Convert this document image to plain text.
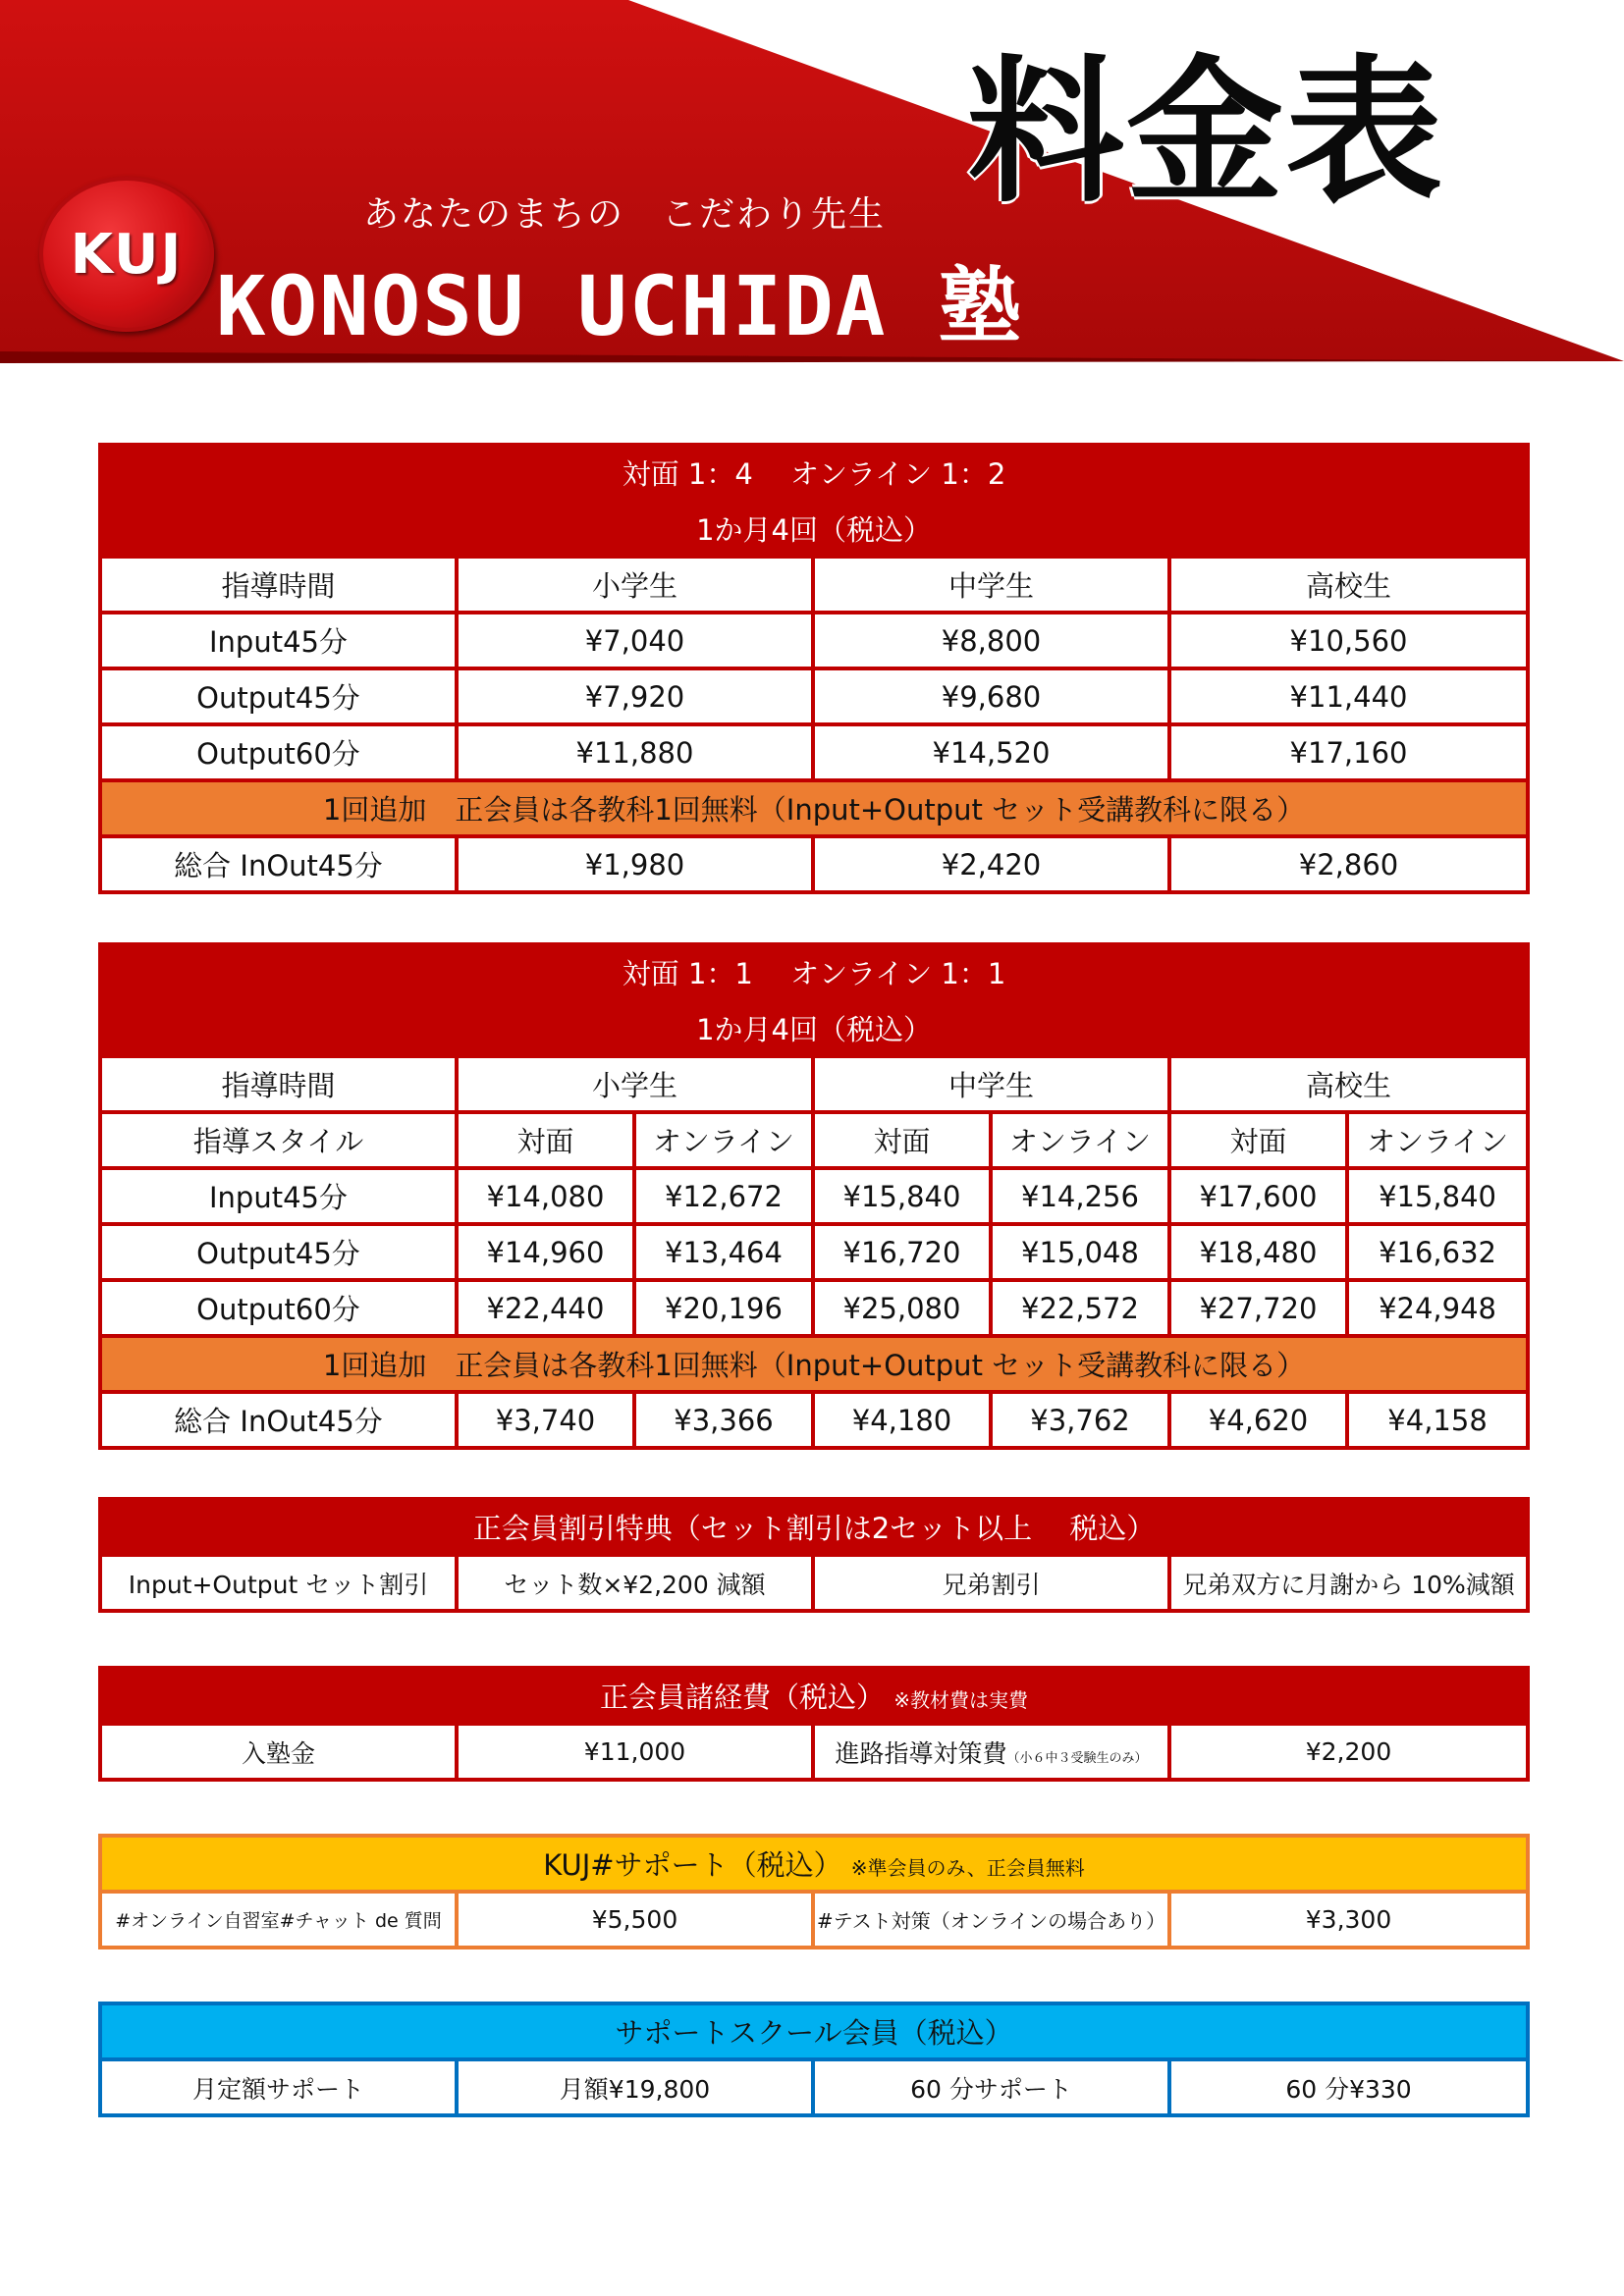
料金表
あなたのまちの　こだわり先生
KUJ
KONOSU UCHIDA 塾
対面 1：4　 オンライン 1：2			
1か月4回（税込）			
指導時間	小学生	中学生	高校生
Input45分	¥7,040	¥8,800	¥10,560
Output45分	¥7,920	¥9,680	¥11,440
Output60分	¥11,880	¥14,520	¥17,160
1回追加　正会員は各教科1回無料（Input+Output セット受講教科に限る）			
総合 InOut45分	¥1,980	¥2,420	¥2,860
対面 1：1　 オンライン 1：1						
1か月4回（税込）						
指導時間	小学生		中学生		高校生	
指導スタイル	対面	オンライン	対面	オンライン	対面	オンライン
Input45分	¥14,080	¥12,672	¥15,840	¥14,256	¥17,600	¥15,840
Output45分	¥14,960	¥13,464	¥16,720	¥15,048	¥18,480	¥16,632
Output60分	¥22,440	¥20,196	¥25,080	¥22,572	¥27,720	¥24,948
1回追加　正会員は各教科1回無料（Input+Output セット受講教科に限る）						
総合 InOut45分	¥3,740	¥3,366	¥4,180	¥3,762	¥4,620	¥4,158
正会員割引特典（セット割引は2セット以上　 税込）
Input+Output セット割引	セット数×¥2,200 減額	兄弟割引	兄弟双方に月謝から 10%減額
正会員諸経費（税込） ※教材費は実費
入塾金	¥11,000	進路指導対策費（小６中３受験生のみ）	¥2,200
KUJ#サポート（税込） ※準会員のみ、正会員無料
#オンライン自習室#チャット de 質問	¥5,500	#テスト対策（オンラインの場合あり）	¥3,300
サポートスクール会員（税込）
月定額サポート	月額¥19,800	60 分サポート	60 分¥330
